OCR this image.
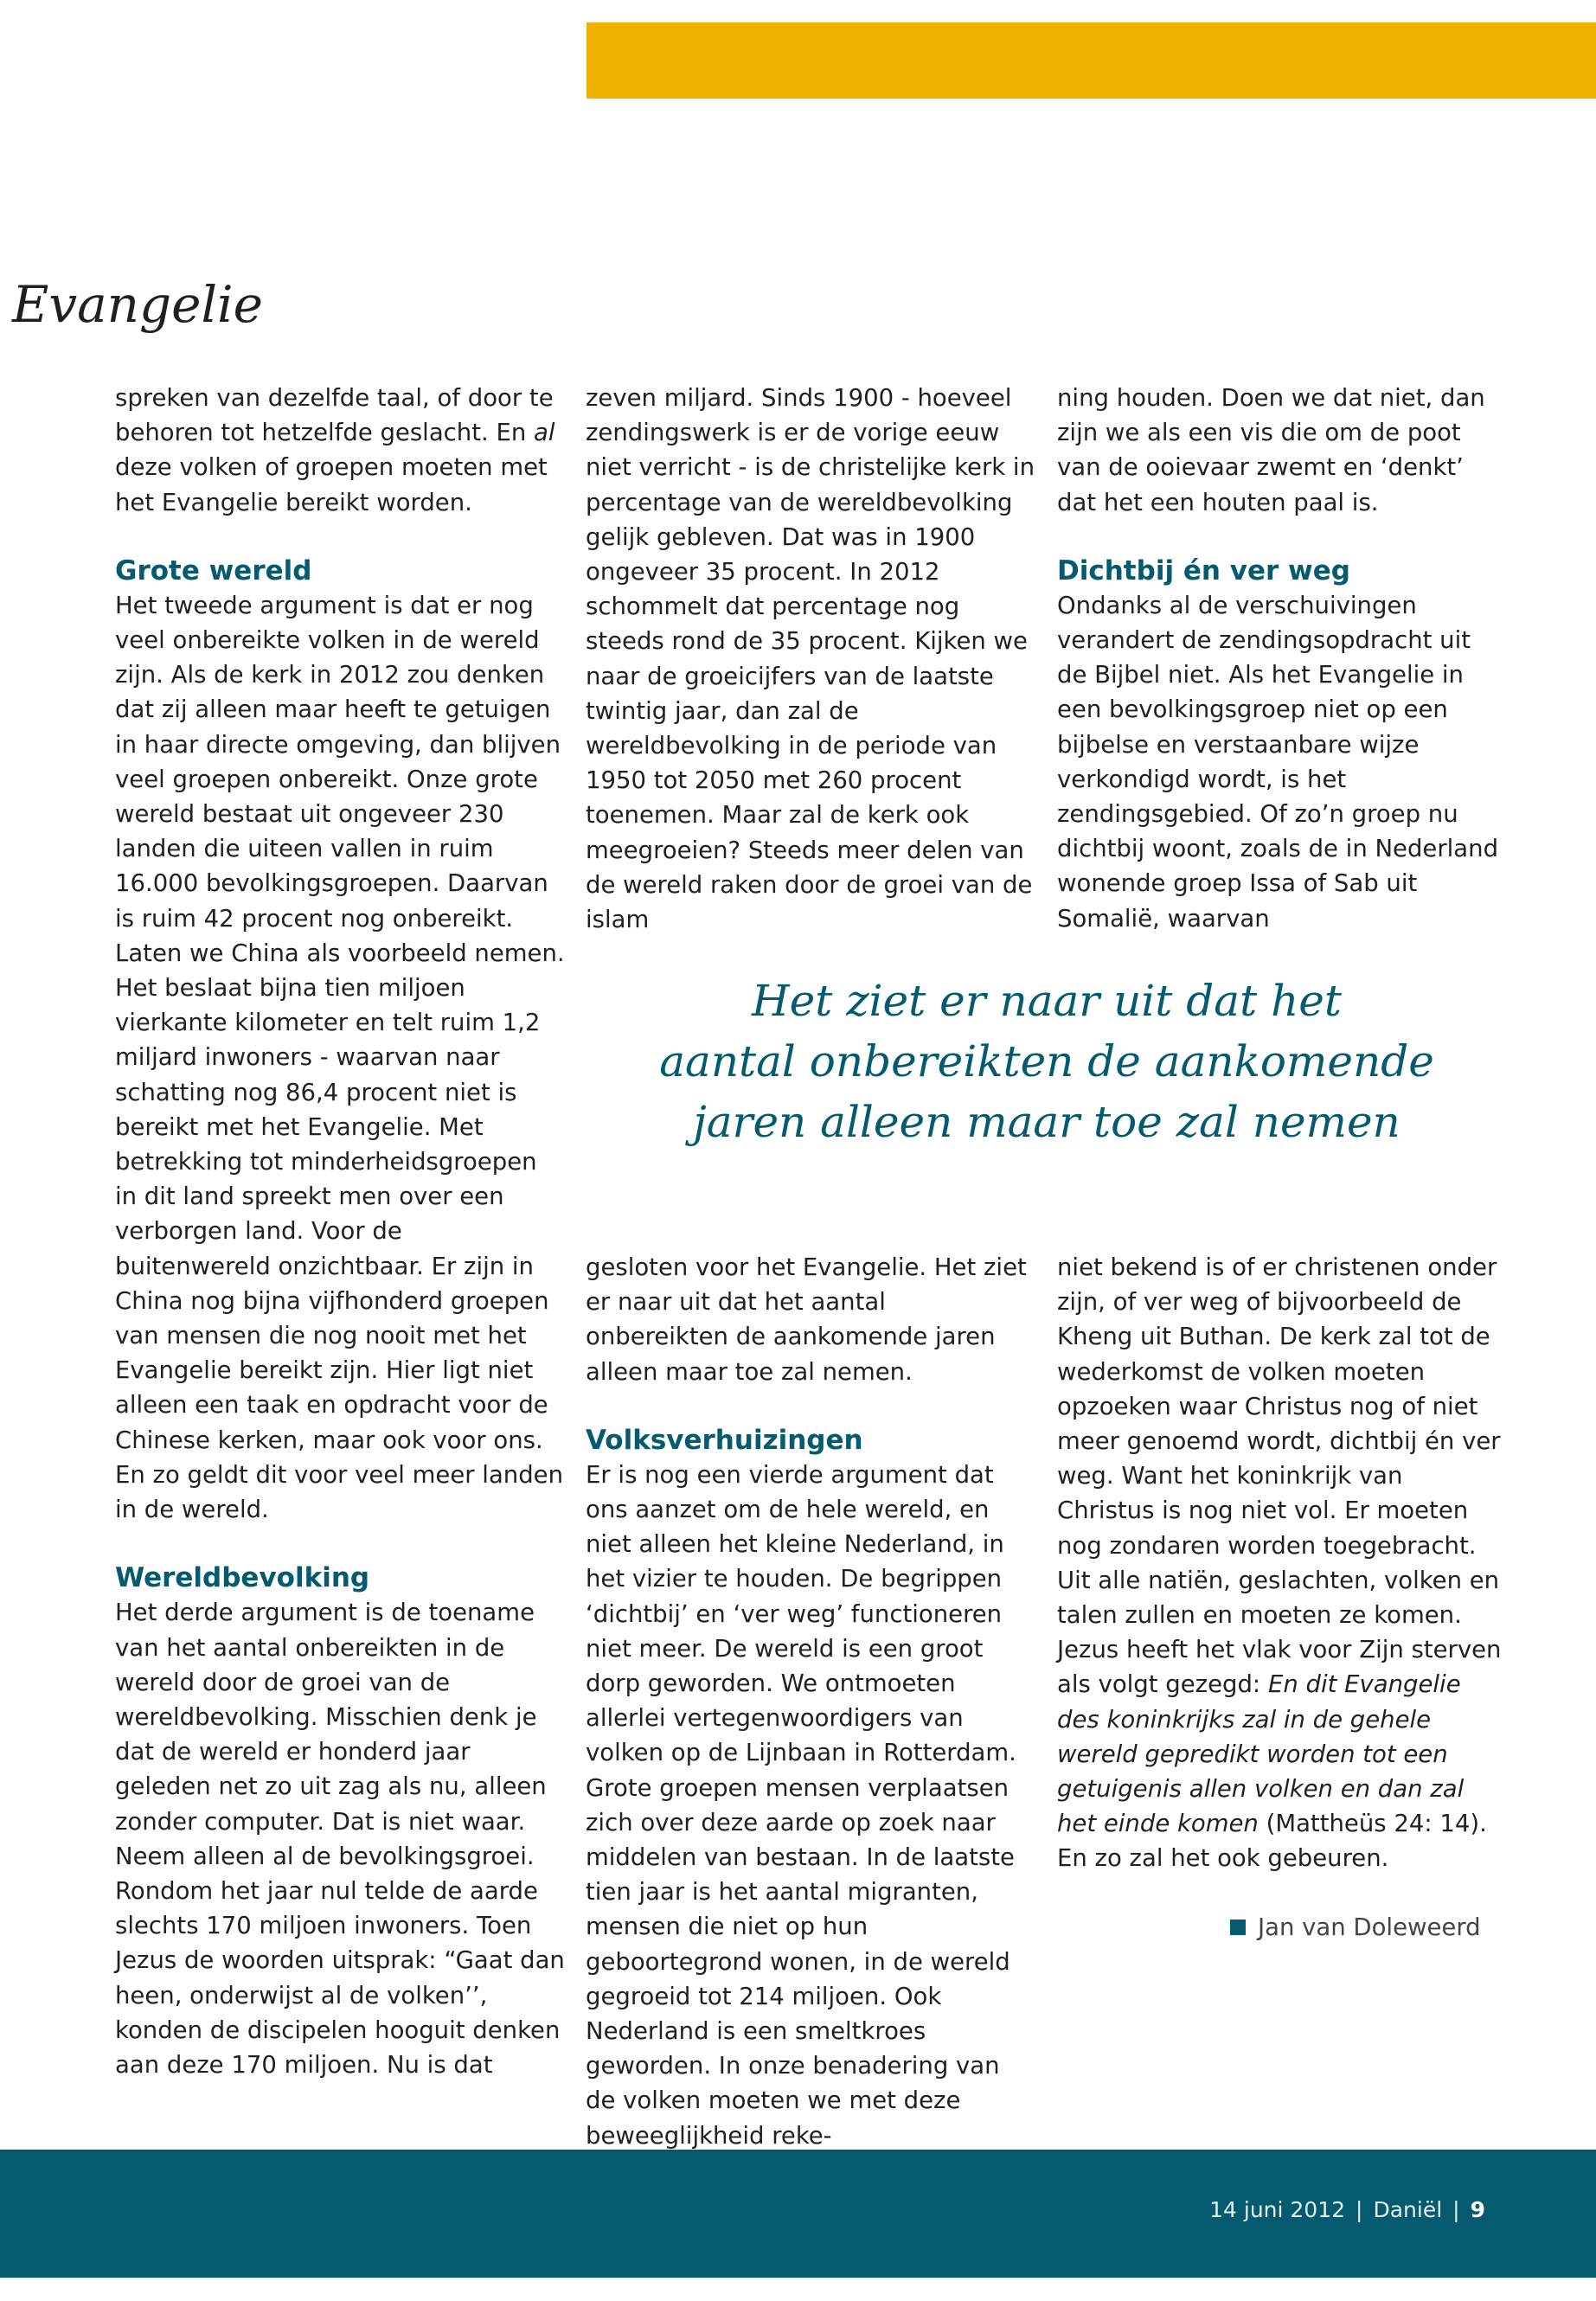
Evangelie

spreken van dezelfde taal, of door te behoren tot hetzelfde geslacht. En al deze volken of groepen moeten met het Evangelie bereikt worden.

Grote wereld

Het tweede argument is dat er nog veel onbereikte volken in de wereld zijn. Als de kerk in 2012 zou denken dat zij alleen maar heeft te getuigen in haar directe omgeving, dan blijven veel groepen onbereikt. Onze grote wereld bestaat uit ongeveer 230 landen die uiteen vallen in ruim 16.000 bevolkingsgroepen. Daarvan is ruim 42 procent nog onbereikt. Laten we China als voorbeeld nemen. Het beslaat bijna tien miljoen vierkante kilometer en telt ruim 1,2 miljard inwoners - waarvan naar schatting nog 86,4 procent niet is bereikt met het Evangelie. Met betrekking tot minderheidsgroepen in dit land spreekt men over een verborgen land. Voor de buitenwereld onzichtbaar. Er zijn in China nog bijna vijfhonderd groepen van mensen die nog nooit met het Evangelie bereikt zijn. Hier ligt niet alleen een taak en opdracht voor de Chinese kerken, maar ook voor ons. En zo geldt dit voor veel meer landen in de wereld.

Wereldbevolking

Het derde argument is de toename van het aantal onbereikten in de wereld door de groei van de wereldbevolking. Misschien denk je dat de wereld er honderd jaar geleden net zo uit zag als nu, alleen zonder computer. Dat is niet waar. Neem alleen al de bevolkingsgroei. Rondom het jaar nul telde de aarde slechts 170 miljoen inwoners. Toen Jezus de woorden uitsprak: “Gaat dan heen, onderwijst al de volken’’, konden de discipelen hooguit denken aan deze 170 miljoen. Nu is dat

zeven miljard. Sinds 1900 - hoeveel zendingswerk is er de vorige eeuw niet verricht - is de christelijke kerk in percentage van de wereldbevolking gelijk gebleven. Dat was in 1900 ongeveer 35 procent. In 2012 schommelt dat percentage nog steeds rond de 35 procent. Kijken we naar de groeicijfers van de laatste twintig jaar, dan zal de wereldbevolking in de periode van 1950 tot 2050 met 260 procent toenemen. Maar zal de kerk ook meegroeien? Steeds meer delen van de wereld raken door de groei van de islam

ning houden. Doen we dat niet, dan zijn we als een vis die om de poot van de ooievaar zwemt en ‘denkt’ dat het een houten paal is.

Dichtbij én ver weg

Ondanks al de verschuivingen verandert de zendingsopdracht uit de Bijbel niet. Als het Evangelie in een bevolkingsgroep niet op een bijbelse en verstaanbare wijze verkondigd wordt, is het zendingsgebied. Of zo’n groep nu dichtbij woont, zoals de in Nederland wonende groep Issa of Sab uit Somalië, waarvan

Het ziet er naar uit dat het
aantal onbereikten de aankomende
jaren alleen maar toe zal nemen

gesloten voor het Evangelie. Het ziet er naar uit dat het aantal onbereikten de aankomende jaren alleen maar toe zal nemen.

Volksverhuizingen

Er is nog een vierde argument dat ons aanzet om de hele wereld, en niet alleen het kleine Nederland, in het vizier te houden. De begrippen ‘dichtbij’ en ‘ver weg’ functioneren niet meer. De wereld is een groot dorp geworden. We ontmoeten allerlei vertegenwoordigers van volken op de Lijnbaan in Rotterdam. Grote groepen mensen verplaatsen zich over deze aarde op zoek naar middelen van bestaan. In de laatste tien jaar is het aantal migranten, mensen die niet op hun geboortegrond wonen, in de wereld gegroeid tot 214 miljoen. Ook Nederland is een smeltkroes geworden. In onze benadering van de volken moeten we met deze beweeglijkheid reke-

niet bekend is of er christenen onder zijn, of ver weg of bijvoorbeeld de Kheng uit Buthan. De kerk zal tot de wederkomst de volken moeten opzoeken waar Christus nog of niet meer genoemd wordt, dichtbij én ver weg. Want het koninkrijk van Christus is nog niet vol. Er moeten nog zondaren worden toegebracht. Uit alle natiën, geslachten, volken en talen zullen en moeten ze komen. Jezus heeft het vlak voor Zijn sterven als volgt gezegd: En dit Evangelie des koninkrijks zal in de gehele wereld gepredikt worden tot een getuigenis allen volken en dan zal het einde komen (Mattheüs 24: 14). En zo zal het ook gebeuren.

Jan van Doleweerd
14 juni 2012 | Daniël | 9
